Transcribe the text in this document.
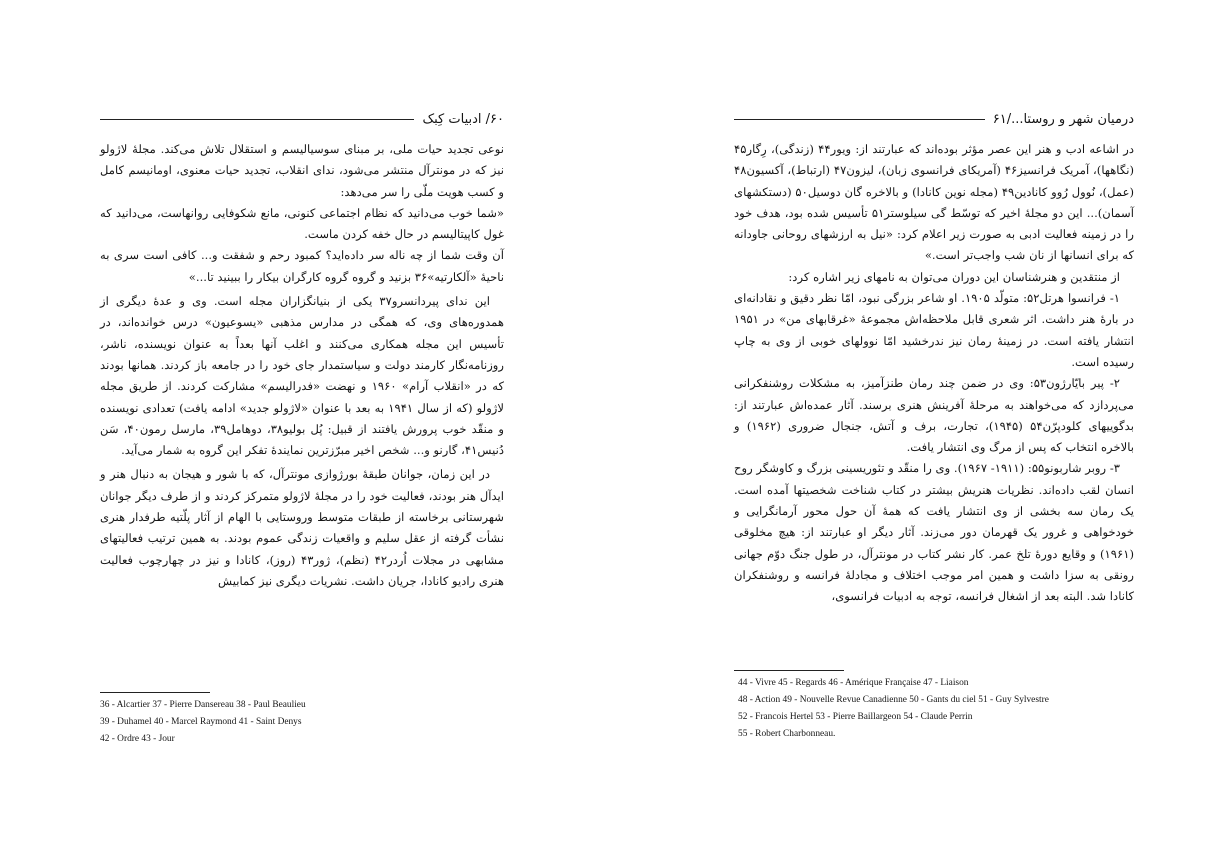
۶۰/ ادبیات کِبک

نوعی تجدید حیات ملی، بر مبنای سوسیالیسم و استقلال تلاش می‌کند. مجلهٔ لاژولو نیز که در مونترآل منتشر می‌شود، ندای انقلاب، تجدید حیات معنوی، اومانیسم کامل و کسب هویت ملّی را سر می‌دهد:

«شما خوب می‌دانید که نظام اجتماعی کنونی، مانع شکوفایی روانهاست، می‌دانید که غول کاپیتالیسم در حال خفه کردن ماست.
آن وقت شما از چه ناله سر داده‌اید؟ کمبود رحم و شفقت و... کافی است سری به ناحیهٔ «آلکارتیه»۳۶ بزنید و گروه گروه کارگران بیکار را ببینید تا...»

این ندای پیردانسرو۳۷ یکی از بنیانگزاران مجله است. وی و عدهٔ دیگری از همدوره‌های وی، که همگی در مدارس مذهبی «یسوعیون» درس خوانده‌اند، در تأسیس این مجله همکاری می‌کنند و اغلب آنها بعداً به عنوان نویسنده، ناشر، روزنامه‌نگار کارمند دولت و سیاستمدار جای خود را در جامعه باز کردند. همانها بودند که در «انقلاب آرام» ۱۹۶۰ و نهضت «فدرالیسم» مشارکت کردند. از طریق مجله لاژولو (که از سال ۱۹۴۱ به بعد با عنوان «لاژولو جدید» ادامه یافت) تعدادی نویسنده و منقّد خوب پرورش یافتند از قبیل: پُل بولیو۳۸، دوهامل۳۹، مارسل رمون۴۰، سَن دُنیس۴۱، گارنو و... شخص اخیر مبرّزترین نمایندهٔ تفکر این گروه به شمار می‌آید.

در این زمان، جوانان طبقهٔ بورژوازی مونترآل، که با شور و هیجان به دنبال هنر و ایدآل هنر بودند، فعالیت خود را در مجلهٔ لاژولو متمرکز کردند و از طرف دیگر جوانان شهرستانی برخاسته از طبقات متوسط وروستایی با الهام از آثار پلّتیه طرفدار هنری نشأت گرفته از عقل سلیم و واقعیات زندگی عموم بودند. به همین ترتیب فعالیتهای مشابهی در مجلات اُردر۴۲ (نظم)، ژور۴۳ (روز)، کانادا و نیز در چهارچوب فعالیت هنری رادیو کانادا، جریان داشت. نشریات دیگری نیز کمابیش

36 - Alcartier 37 - Pierre Dansereau 38 - Paul Beaulieu
39 - Duhamel 40 - Marcel Raymond 41 - Saint Denys
42 - Ordre 43 - Jour
درمیان شهر و روستا.../۶۱

در اشاعه ادب و هنر این عصر مؤثر بوده‌اند که عبارتند از: ویور۴۴ (زندگی)، رِگار۴۵ (نگاهها)، آمریک فرانسیز۴۶ (آمریکای فرانسوی زبان)، لیزون۴۷ (ارتباط)، آکسیون۴۸ (عمل)، نُوول رُوو کانادین۴۹ (مجله نوین کانادا) و بالاخره گان دوسیل۵۰ (دستکشهای آسمان)... این دو مجلهٔ اخیر که توسّط گی سیلوستر۵۱ تأسیس شده بود، هدف خود را در زمینه فعالیت ادبی به صورت زیر اعلام کرد: «نیل به ارزشهای روحانی جاودانه که برای انسانها از نان شب واجب‌تر است.»

از منتقدین و هنرشناسان این دوران می‌توان به نامهای زیر اشاره کرد:

۱- فرانسوا هرتل۵۲: متولّد ۱۹۰۵. او شاعر بزرگی نبود، امّا نظر دقیق و نقادانه‌ای در بارهٔ هنر داشت. اثر شعری قابل ملاحظه‌اش مجموعهٔ «غرقابهای من» در ۱۹۵۱ انتشار یافته است. در زمینهٔ رمان نیز ندرخشید امّا نوولهای خوبی از وی به چاپ رسیده است.

۲- پیر بایّارژون۵۳: وی در ضمن چند رمان طنزآمیز، به مشکلات روشنفکرانی می‌پردازد که می‌خواهند به مرحلهٔ آفرینش هنری برسند. آثار عمده‌اش عبارتند از: بدگوییهای کلودپرّن۵۴ (۱۹۴۵)، تجارت، برف و آتش، جنجال ضروری (۱۹۶۲) و بالاخره انتخاب که پس از مرگ وی انتشار یافت.

۳- روبر شاربونو۵۵: (۱۹۱۱- ۱۹۶۷). وی را منقّد و تئوریسینی بزرگ و کاوشگر روح انسان لقب داده‌اند. نظریات هنریش بیشتر در کتاب شناخت شخصیتها آمده است. یک رمان سه بخشی از وی انتشار یافت که همهٔ آن حول محور آرمانگرایی و خودخواهی و غرور یک قهرمان دور می‌زند. آثار دیگر او عبارتند از: هیچ مخلوقی (۱۹۶۱) و وقایع دورهٔ تلخ عمر. کار نشر کتاب در مونترآل، در طول جنگ دوّم جهانی رونقی به سزا داشت و همین امر موجب اختلاف و مجادلهٔ فرانسه و روشنفکران کانادا شد. البته بعد از اشغال فرانسه، توجه به ادبیات فرانسوی،

44 - Vivre 45 - Regards 46 - Amérique Française 47 - Liaison
48 - Action 49 - Nouvelle Revue Canadienne 50 - Gants du ciel 51 - Guy Sylvestre
52 - Francois Hertel 53 - Pierre Baillargeon 54 - Claude Perrin
55 - Robert Charbonneau.
